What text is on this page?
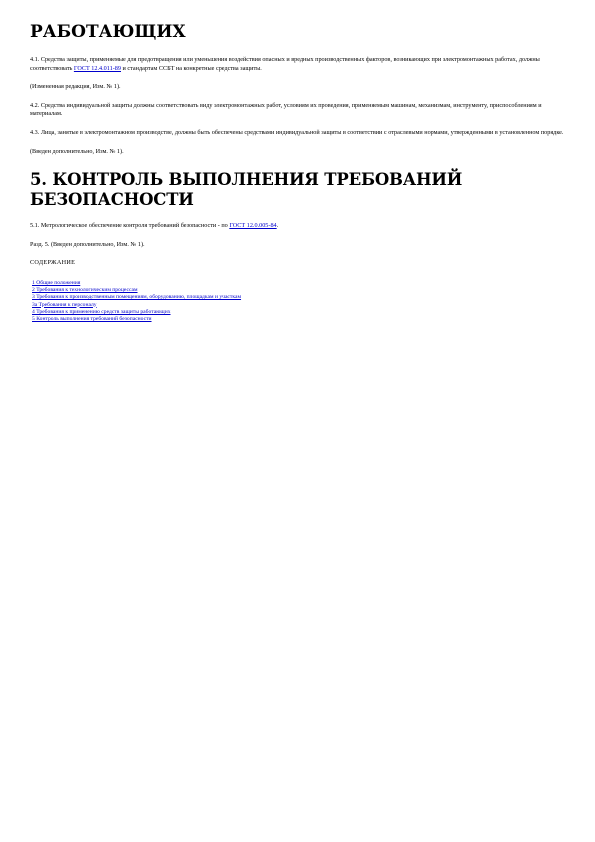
РАБОТАЮЩИХ

4.1. Средства защиты, применяемые для предотвращения или уменьшения воздействия опасных и вредных производственных факторов, возникающих при электромонтажных работах, должны соответствовать ГОСТ 12.4.011-89 и стандартам ССБТ на конкретные средства защиты.

(Измененная редакция, Изм. № 1).

4.2. Средства индивидуальной защиты должны соответствовать виду электромонтажных работ, условиям их проведения, применяемым машинам, механизмам, инструменту, приспособлениям и материалам.

4.3. Лица, занятые в электромонтажном производстве, должны быть обеспечены средствами индивидуальной защиты в соответствии с отраслевыми нормами, утвержденными в установленном порядке.

(Введен дополнительно, Изм. № 1).

5. КОНТРОЛЬ ВЫПОЛНЕНИЯ ТРЕБОВАНИЙ БЕЗОПАСНОСТИ

5.1. Метрологическое обеспечение контроля требований безопасности - по ГОСТ 12.0.005-84.

Разд. 5. (Введен дополнительно, Изм. № 1).

СОДЕРЖАНИЕ
1 Общие положения
2 Требования к технологическим процессам
3 Требования к производственным помещениям, оборудованию, площадкам и участкам
3а Требования к персоналу
4 Требования к применению средств защиты работающих
5 Контроль выполнения требований безопасности
